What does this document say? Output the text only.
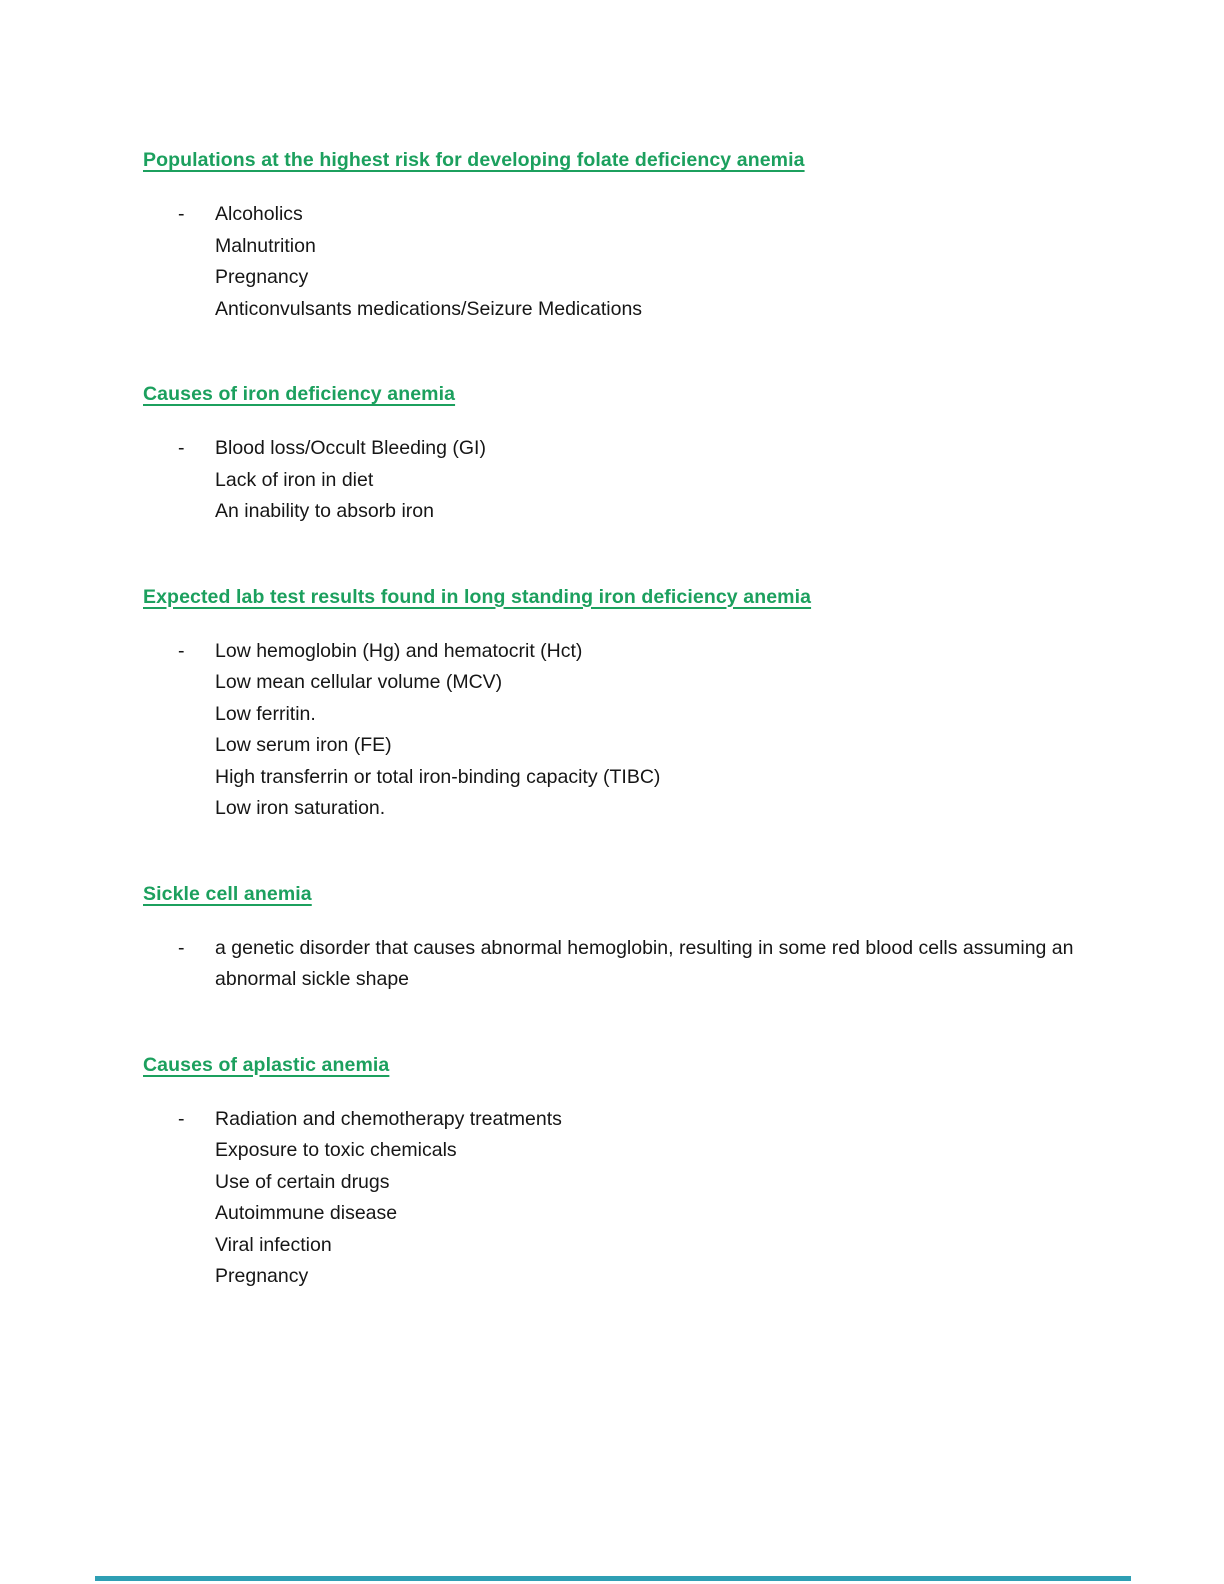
Populations at the highest risk for developing folate deficiency anemia
-	Alcoholics
Malnutrition
Pregnancy
Anticonvulsants medications/Seizure Medications
Causes of iron deficiency anemia
-	Blood loss/Occult Bleeding (GI)
Lack of iron in diet
An inability to absorb iron
Expected lab test results found in long standing iron deficiency anemia
-	Low hemoglobin (Hg) and hematocrit (Hct)
Low mean cellular volume (MCV)
Low ferritin.
Low serum iron (FE)
High transferrin or total iron-binding capacity (TIBC)
Low iron saturation.
Sickle cell anemia
-	a genetic disorder that causes abnormal hemoglobin, resulting in some red blood cells assuming an abnormal sickle shape
Causes of aplastic anemia
-	Radiation and chemotherapy treatments
Exposure to toxic chemicals
Use of certain drugs
Autoimmune disease
Viral infection
Pregnancy
